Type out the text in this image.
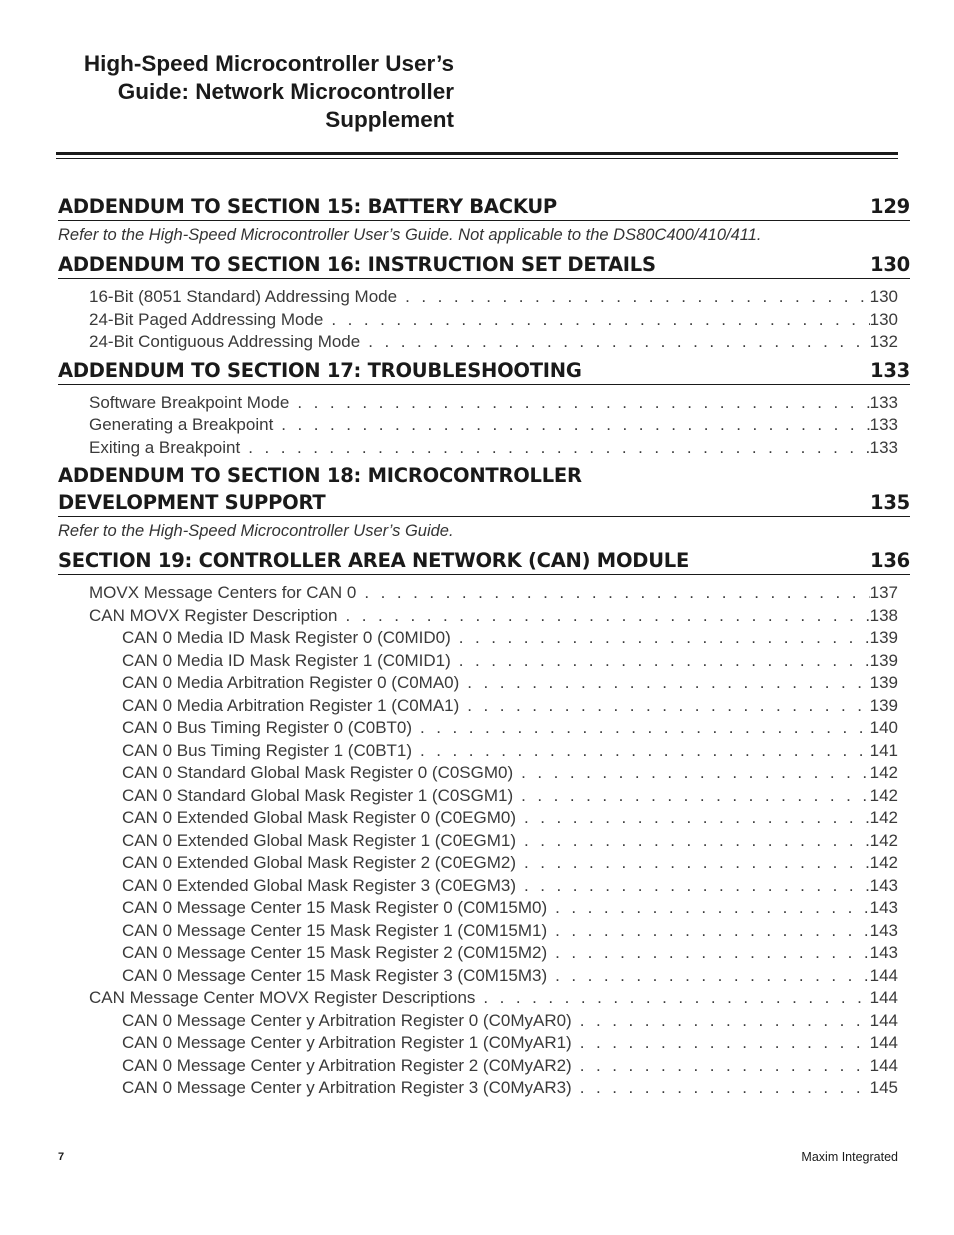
High-Speed Microcontroller User’s
Guide: Network Microcontroller
Supplement
ADDENDUM TO SECTION 15: BATTERY BACKUP	129
Refer to the High-Speed Microcontroller User’s Guide. Not applicable to the DS80C400/410/411.
ADDENDUM TO SECTION 16: INSTRUCTION SET DETAILS	130
16-Bit (8051 Standard) Addressing Mode . . .	130
24-Bit Paged Addressing Mode . . .	130
24-Bit Contiguous Addressing Mode . . .	132
ADDENDUM TO SECTION 17: TROUBLESHOOTING	133
Software Breakpoint Mode . . .	133
Generating a Breakpoint . . .	133
Exiting a Breakpoint . . .	133
ADDENDUM TO SECTION 18: MICROCONTROLLER
DEVELOPMENT SUPPORT	135
Refer to the High-Speed Microcontroller User’s Guide.
SECTION 19: CONTROLLER AREA NETWORK (CAN) MODULE	136
MOVX Message Centers for CAN 0 . . .	137
CAN MOVX Register Description . . .	138
CAN 0 Media ID Mask Register 0 (C0MID0) . . .	139
CAN 0 Media ID Mask Register 1 (C0MID1) . . .	139
CAN 0 Media Arbitration Register 0 (C0MA0) . . .	139
CAN 0 Media Arbitration Register 1 (C0MA1) . . .	139
CAN 0 Bus Timing Register 0 (C0BT0) . . .	140
CAN 0 Bus Timing Register 1 (C0BT1) . . .	141
CAN 0 Standard Global Mask Register 0 (C0SGM0) . . .	142
CAN 0 Standard Global Mask Register 1 (C0SGM1) . . .	142
CAN 0 Extended Global Mask Register 0 (C0EGM0) . . .	142
CAN 0 Extended Global Mask Register 1 (C0EGM1) . . .	142
CAN 0 Extended Global Mask Register 2 (C0EGM2) . . .	142
CAN 0 Extended Global Mask Register 3 (C0EGM3) . . .	143
CAN 0 Message Center 15 Mask Register 0 (C0M15M0) . . .	143
CAN 0 Message Center 15 Mask Register 1 (C0M15M1) . . .	143
CAN 0 Message Center 15 Mask Register 2 (C0M15M2) . . .	143
CAN 0 Message Center 15 Mask Register 3 (C0M15M3) . . .	144
CAN Message Center MOVX Register Descriptions . . .	144
CAN 0 Message Center y Arbitration Register 0 (C0MyAR0) . . .	144
CAN 0 Message Center y Arbitration Register 1 (C0MyAR1) . . .	144
CAN 0 Message Center y Arbitration Register 2 (C0MyAR2) . . .	144
CAN 0 Message Center y Arbitration Register 3 (C0MyAR3) . . .	145
7	Maxim Integrated
